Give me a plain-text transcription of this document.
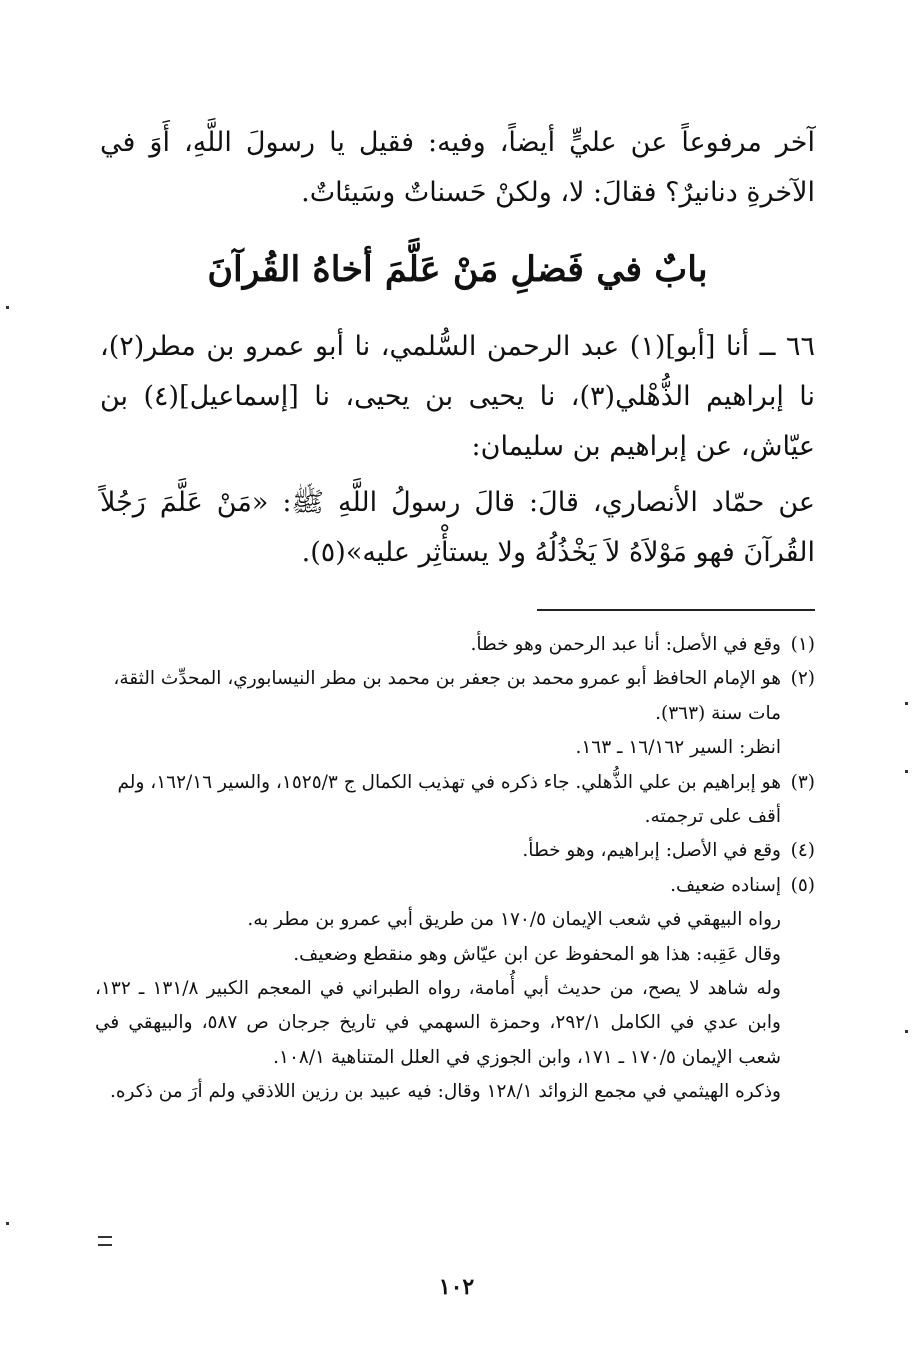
آخر مرفوعاً عن عليٍّ أيضاً، وفيه: فقيل يا رسولَ اللَّهِ، أَوَ في الآخرةِ دنانيرٌ؟ فقالَ: لا، ولكنْ حَسناتٌ وسَيئاتٌ.
بابٌ في فَضلِ مَنْ عَلَّمَ أخاهُ القُرآنَ
٦٦ ــ أنا [أبو](١) عبد الرحمن السُّلمي، نا أبو عمرو بن مطر(٢)، نا إبراهيم الذُّهْلي(٣)، نا يحيى بن يحيى، نا [إسماعيل](٤) بن عيّاش، عن إبراهيم بن سليمان:
عن حمّاد الأنصاري، قالَ: قالَ رسولُ اللَّهِ ﷺ: «مَنْ عَلَّمَ رَجُلاً القُرآنَ فهو مَوْلاَهُ لاَ يَخْذُلُهُ ولا يستأْثِر عليه»(٥).
(١)
وقع في الأصل: أنا عبد الرحمن وهو خطأ.
(٢)
هو الإمام الحافظ أبو عمرو محمد بن جعفر بن محمد بن مطر النيسابوري، المحدِّث الثقة، مات سنة (٣٦٣).
انظر: السير ١٦/١٦٢ ـ ١٦٣.
(٣)
هو إبراهيم بن علي الذُّهلي. جاء ذكره في تهذيب الكمال ج ١٥٢٥/٣، والسير ١٦٢/١٦، ولم أقف على ترجمته.
(٤)
وقع في الأصل: إبراهيم، وهو خطأ.
(٥)
إسناده ضعيف.
رواه البيهقي في شعب الإيمان ١٧٠/٥ من طريق أبي عمرو بن مطر به.
وقال عَقِبه: هذا هو المحفوظ عن ابن عيّاش وهو منقطع وضعيف.
وله شاهد لا يصح، من حديث أبي أُمامة، رواه الطبراني في المعجم الكبير ١٣١/٨ ـ ١٣٢، وابن عدي في الكامل ٢٩٢/١، وحمزة السهمي في تاريخ جرجان ص ٥٨٧، والبيهقي في شعب الإيمان ١٧٠/٥ ـ ١٧١، وابن الجوزي في العلل المتناهية ١٠٨/١.
وذكره الهيثمي في مجمع الزوائد ١٢٨/١ وقال: فيه عبيد بن رزين اللاذقي ولم أرَ من ذكره.
١٠٢
